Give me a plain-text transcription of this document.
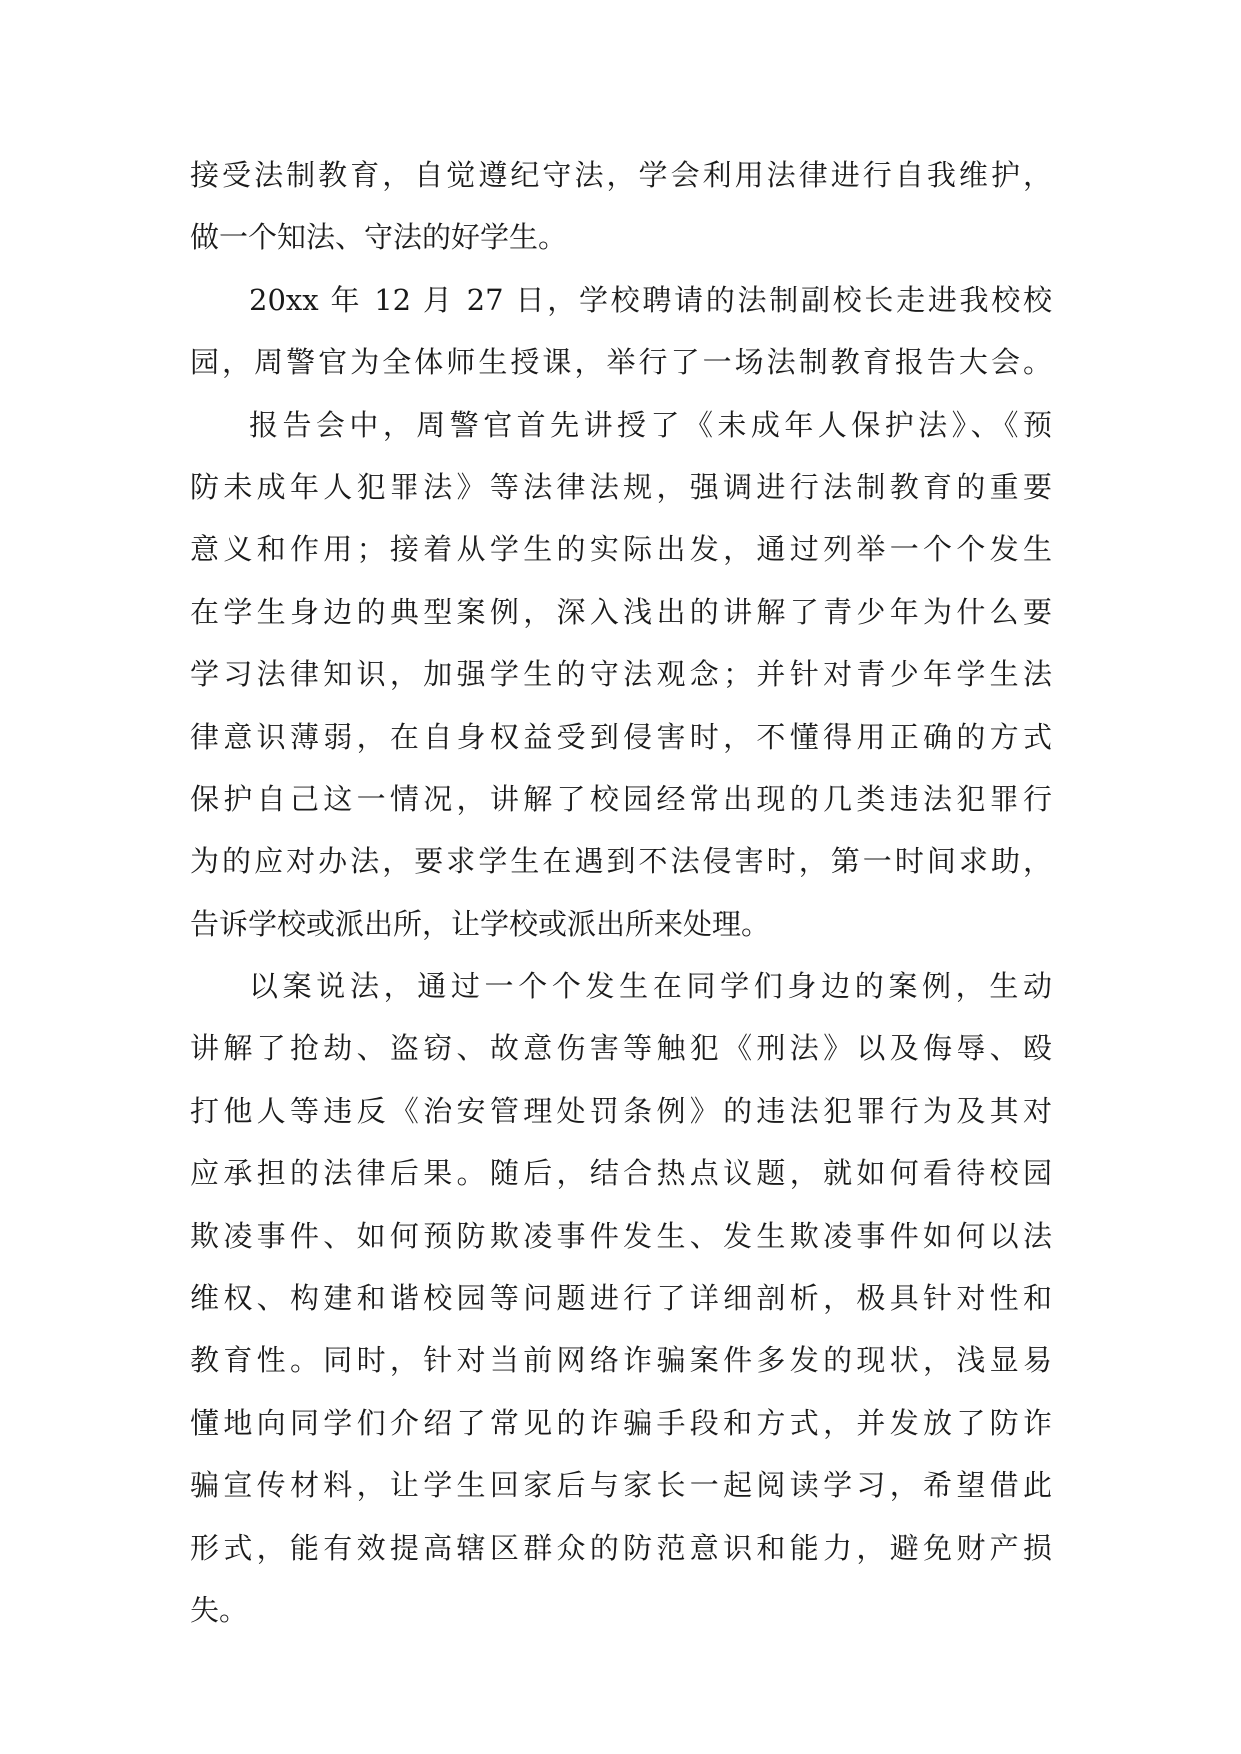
接受法制教育，自觉遵纪守法，学会利用法律进行自我维护，
做一个知法、守法的好学生。
20xx 年 12 月 27 日，学校聘请的法制副校长走进我校校
园，周警官为全体师生授课，举行了一场法制教育报告大会。
报告会中，周警官首先讲授了《未成年人保护法》、《预
防未成年人犯罪法》等法律法规，强调进行法制教育的重要
意义和作用；接着从学生的实际出发，通过列举一个个发生
在学生身边的典型案例，深入浅出的讲解了青少年为什么要
学习法律知识，加强学生的守法观念；并针对青少年学生法
律意识薄弱，在自身权益受到侵害时，不懂得用正确的方式
保护自己这一情况，讲解了校园经常出现的几类违法犯罪行
为的应对办法，要求学生在遇到不法侵害时，第一时间求助，
告诉学校或派出所，让学校或派出所来处理。
以案说法，通过一个个发生在同学们身边的案例，生动
讲解了抢劫、盗窃、故意伤害等触犯《刑法》以及侮辱、殴
打他人等违反《治安管理处罚条例》的违法犯罪行为及其对
应承担的法律后果。随后，结合热点议题，就如何看待校园
欺凌事件、如何预防欺凌事件发生、发生欺凌事件如何以法
维权、构建和谐校园等问题进行了详细剖析，极具针对性和
教育性。同时，针对当前网络诈骗案件多发的现状，浅显易
懂地向同学们介绍了常见的诈骗手段和方式，并发放了防诈
骗宣传材料，让学生回家后与家长一起阅读学习，希望借此
形式，能有效提高辖区群众的防范意识和能力，避免财产损
失。
